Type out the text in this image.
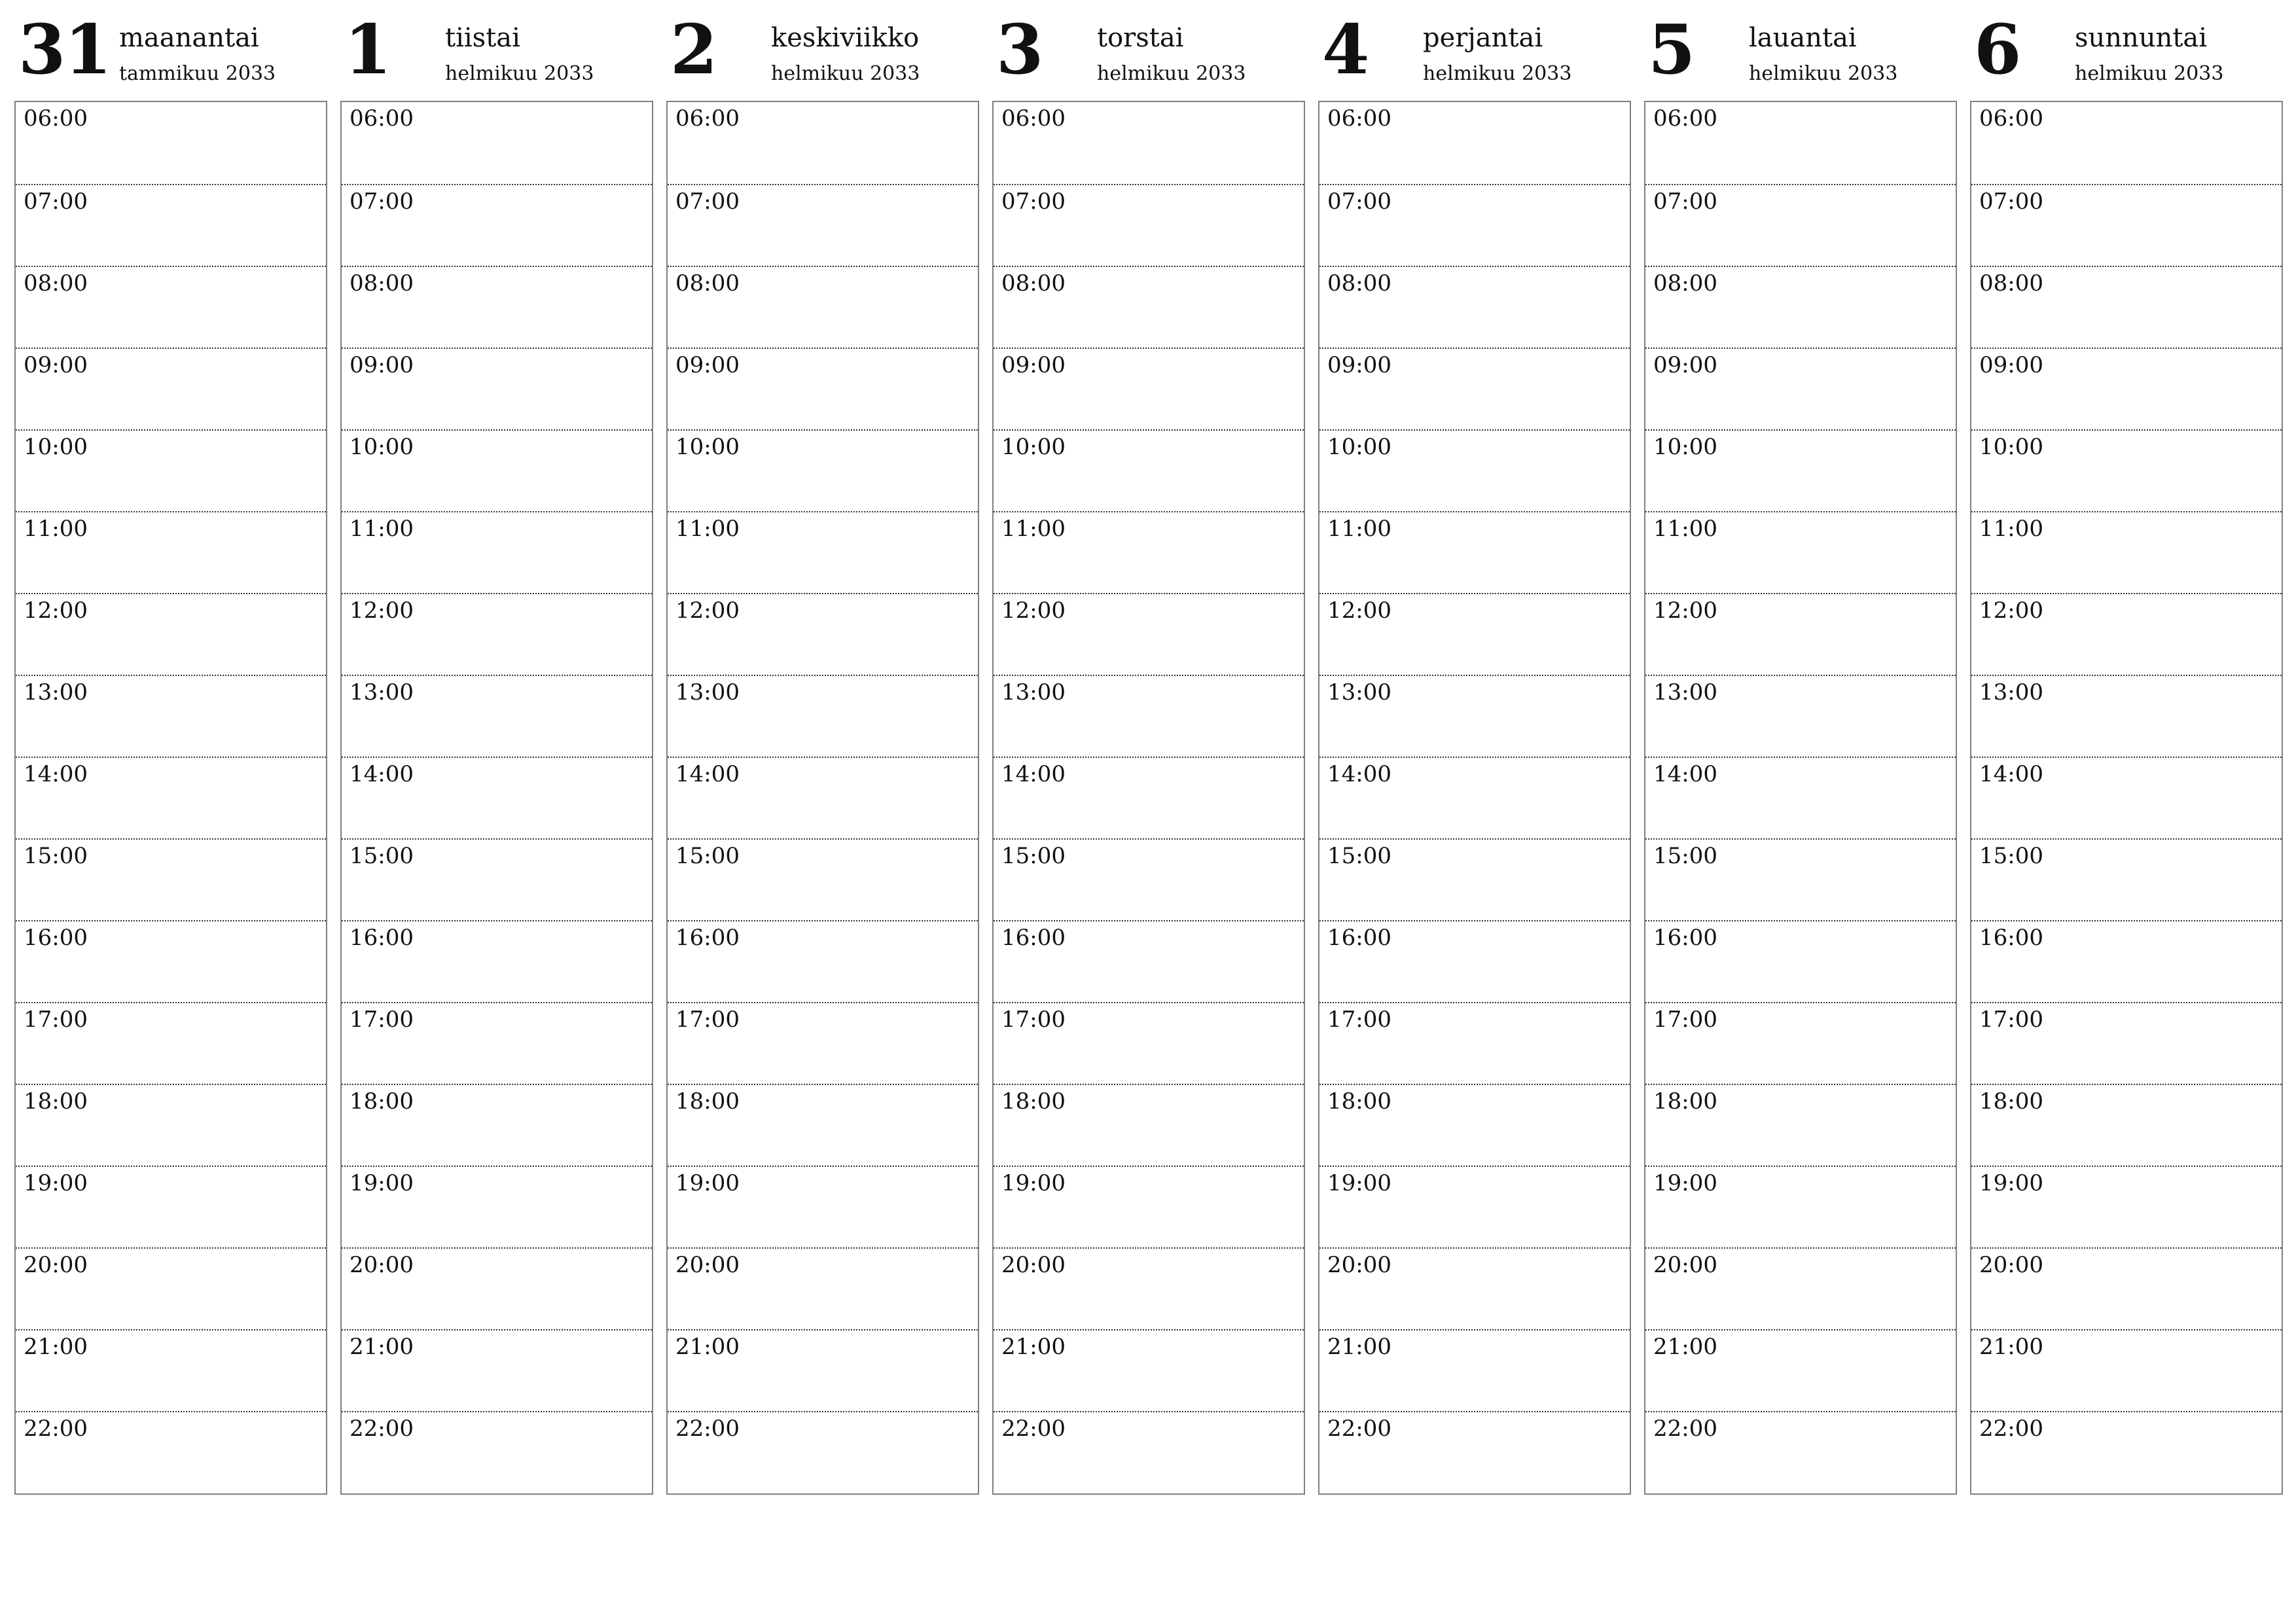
31 maanantai
tammikuu 2033
06:00
07:00
08:00
09:00
10:00
11:00
12:00
13:00
14:00
15:00
16:00
17:00
18:00
19:00
20:00
21:00
22:00
1 tiistai
helmikuu 2033
06:00
07:00
08:00
09:00
10:00
11:00
12:00
13:00
14:00
15:00
16:00
17:00
18:00
19:00
20:00
21:00
22:00
2 keskiviikko
helmikuu 2033
06:00
07:00
08:00
09:00
10:00
11:00
12:00
13:00
14:00
15:00
16:00
17:00
18:00
19:00
20:00
21:00
22:00
3 torstai
helmikuu 2033
06:00
07:00
08:00
09:00
10:00
11:00
12:00
13:00
14:00
15:00
16:00
17:00
18:00
19:00
20:00
21:00
22:00
4 perjantai
helmikuu 2033
06:00
07:00
08:00
09:00
10:00
11:00
12:00
13:00
14:00
15:00
16:00
17:00
18:00
19:00
20:00
21:00
22:00
5 lauantai
helmikuu 2033
06:00
07:00
08:00
09:00
10:00
11:00
12:00
13:00
14:00
15:00
16:00
17:00
18:00
19:00
20:00
21:00
22:00
6 sunnuntai
helmikuu 2033
06:00
07:00
08:00
09:00
10:00
11:00
12:00
13:00
14:00
15:00
16:00
17:00
18:00
19:00
20:00
21:00
22:00
